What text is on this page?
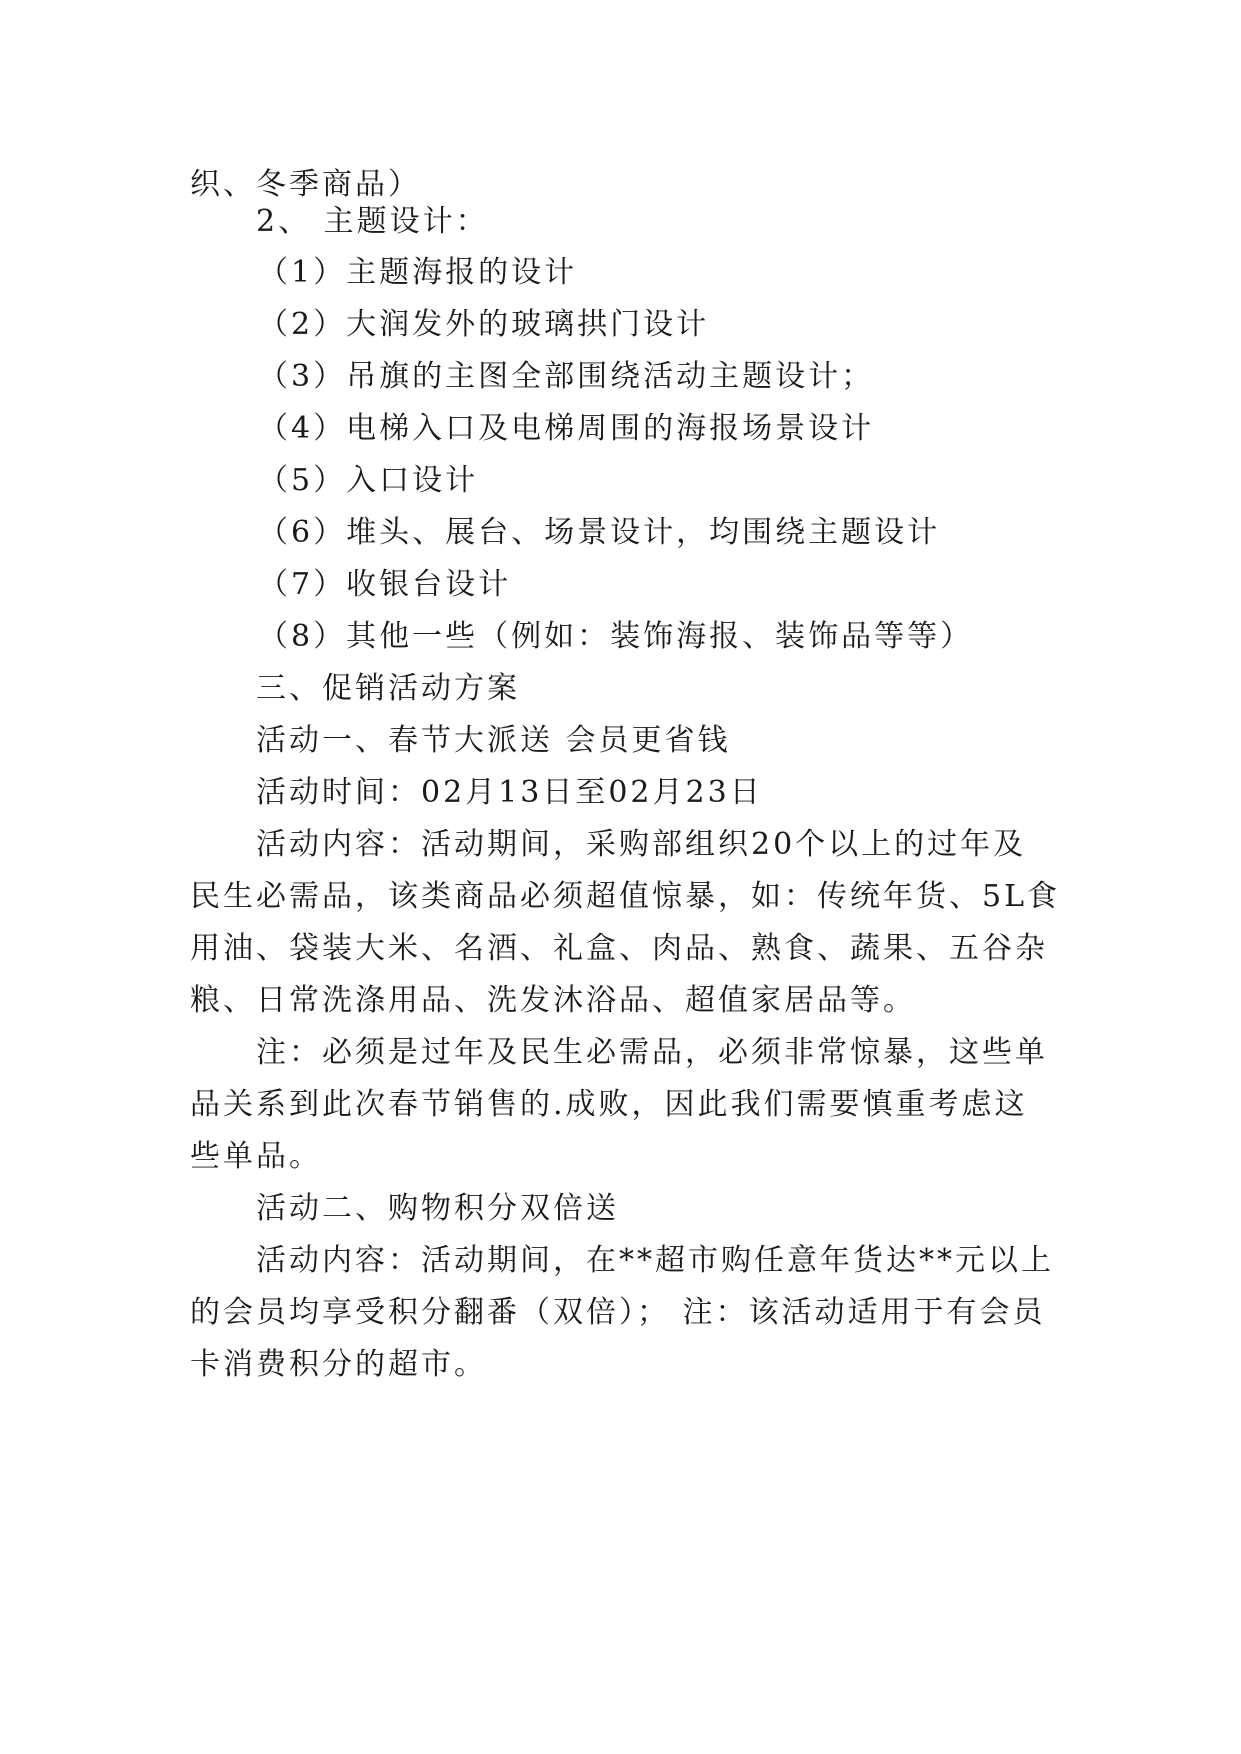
织、冬季商品）
2、 主题设计：
（1）主题海报的设计
（2）大润发外的玻璃拱门设计
（3）吊旗的主图全部围绕活动主题设计；
（4）电梯入口及电梯周围的海报场景设计
（5）入口设计
（6）堆头、展台、场景设计，均围绕主题设计
（7）收银台设计
（8）其他一些（例如：装饰海报、装饰品等等）
三、促销活动方案
活动一、春节大派送 会员更省钱
活动时间：02月13日至02月23日
活动内容：活动期间，采购部组织20个以上的过年及
民生必需品，该类商品必须超值惊暴，如：传统年货、5L食
用油、袋装大米、名酒、礼盒、肉品、熟食、蔬果、五谷杂
粮、日常洗涤用品、洗发沐浴品、超值家居品等。
注：必须是过年及民生必需品，必须非常惊暴，这些单
品关系到此次春节销售的.成败，因此我们需要慎重考虑这
些单品。
活动二、购物积分双倍送
活动内容：活动期间，在**超市购任意年货达**元以上
的会员均享受积分翻番（双倍）； 注：该活动适用于有会员
卡消费积分的超市。
